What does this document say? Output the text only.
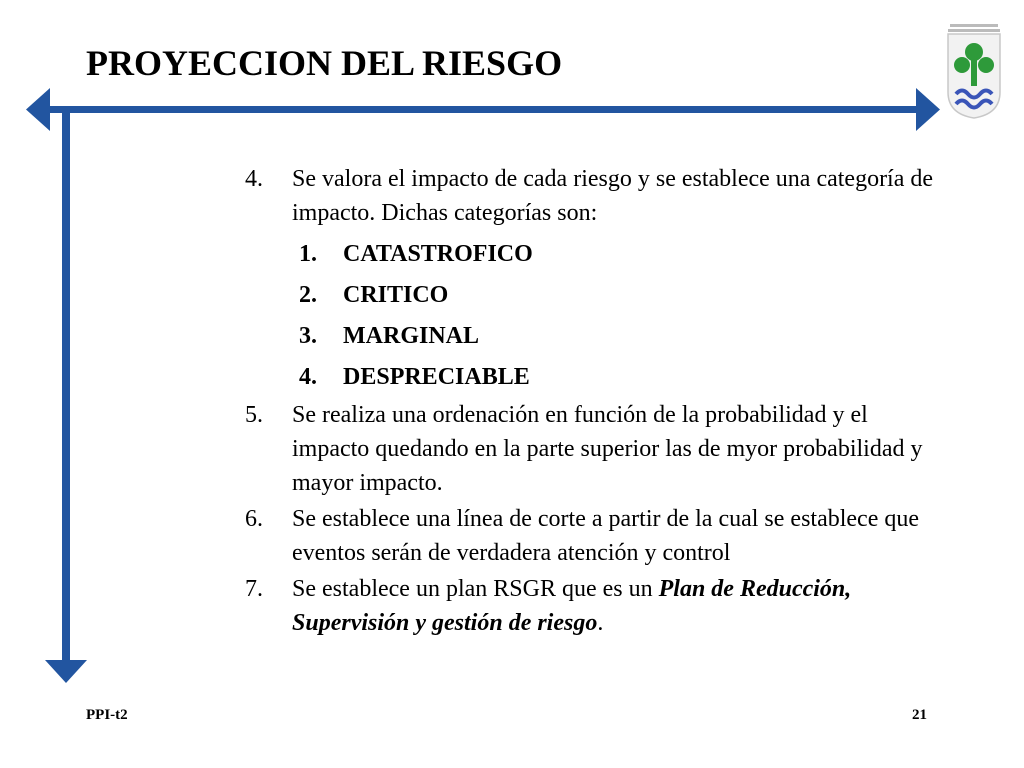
PROYECCION DEL RIESGO
4. Se valora el impacto de cada riesgo y se establece una categoría de impacto. Dichas categorías son:
1. CATASTROFICO
2. CRITICO
3. MARGINAL
4. DESPRECIABLE
5. Se realiza una ordenación en función de la probabilidad y el impacto quedando en la parte superior las de myor probabilidad y mayor impacto.
6. Se establece una línea de corte a partir de la cual se establece que eventos serán de verdadera atención y control
7. Se establece un plan RSGR que es un Plan de Reducción, Supervisión y gestión de riesgo.
PPI-t2	21
